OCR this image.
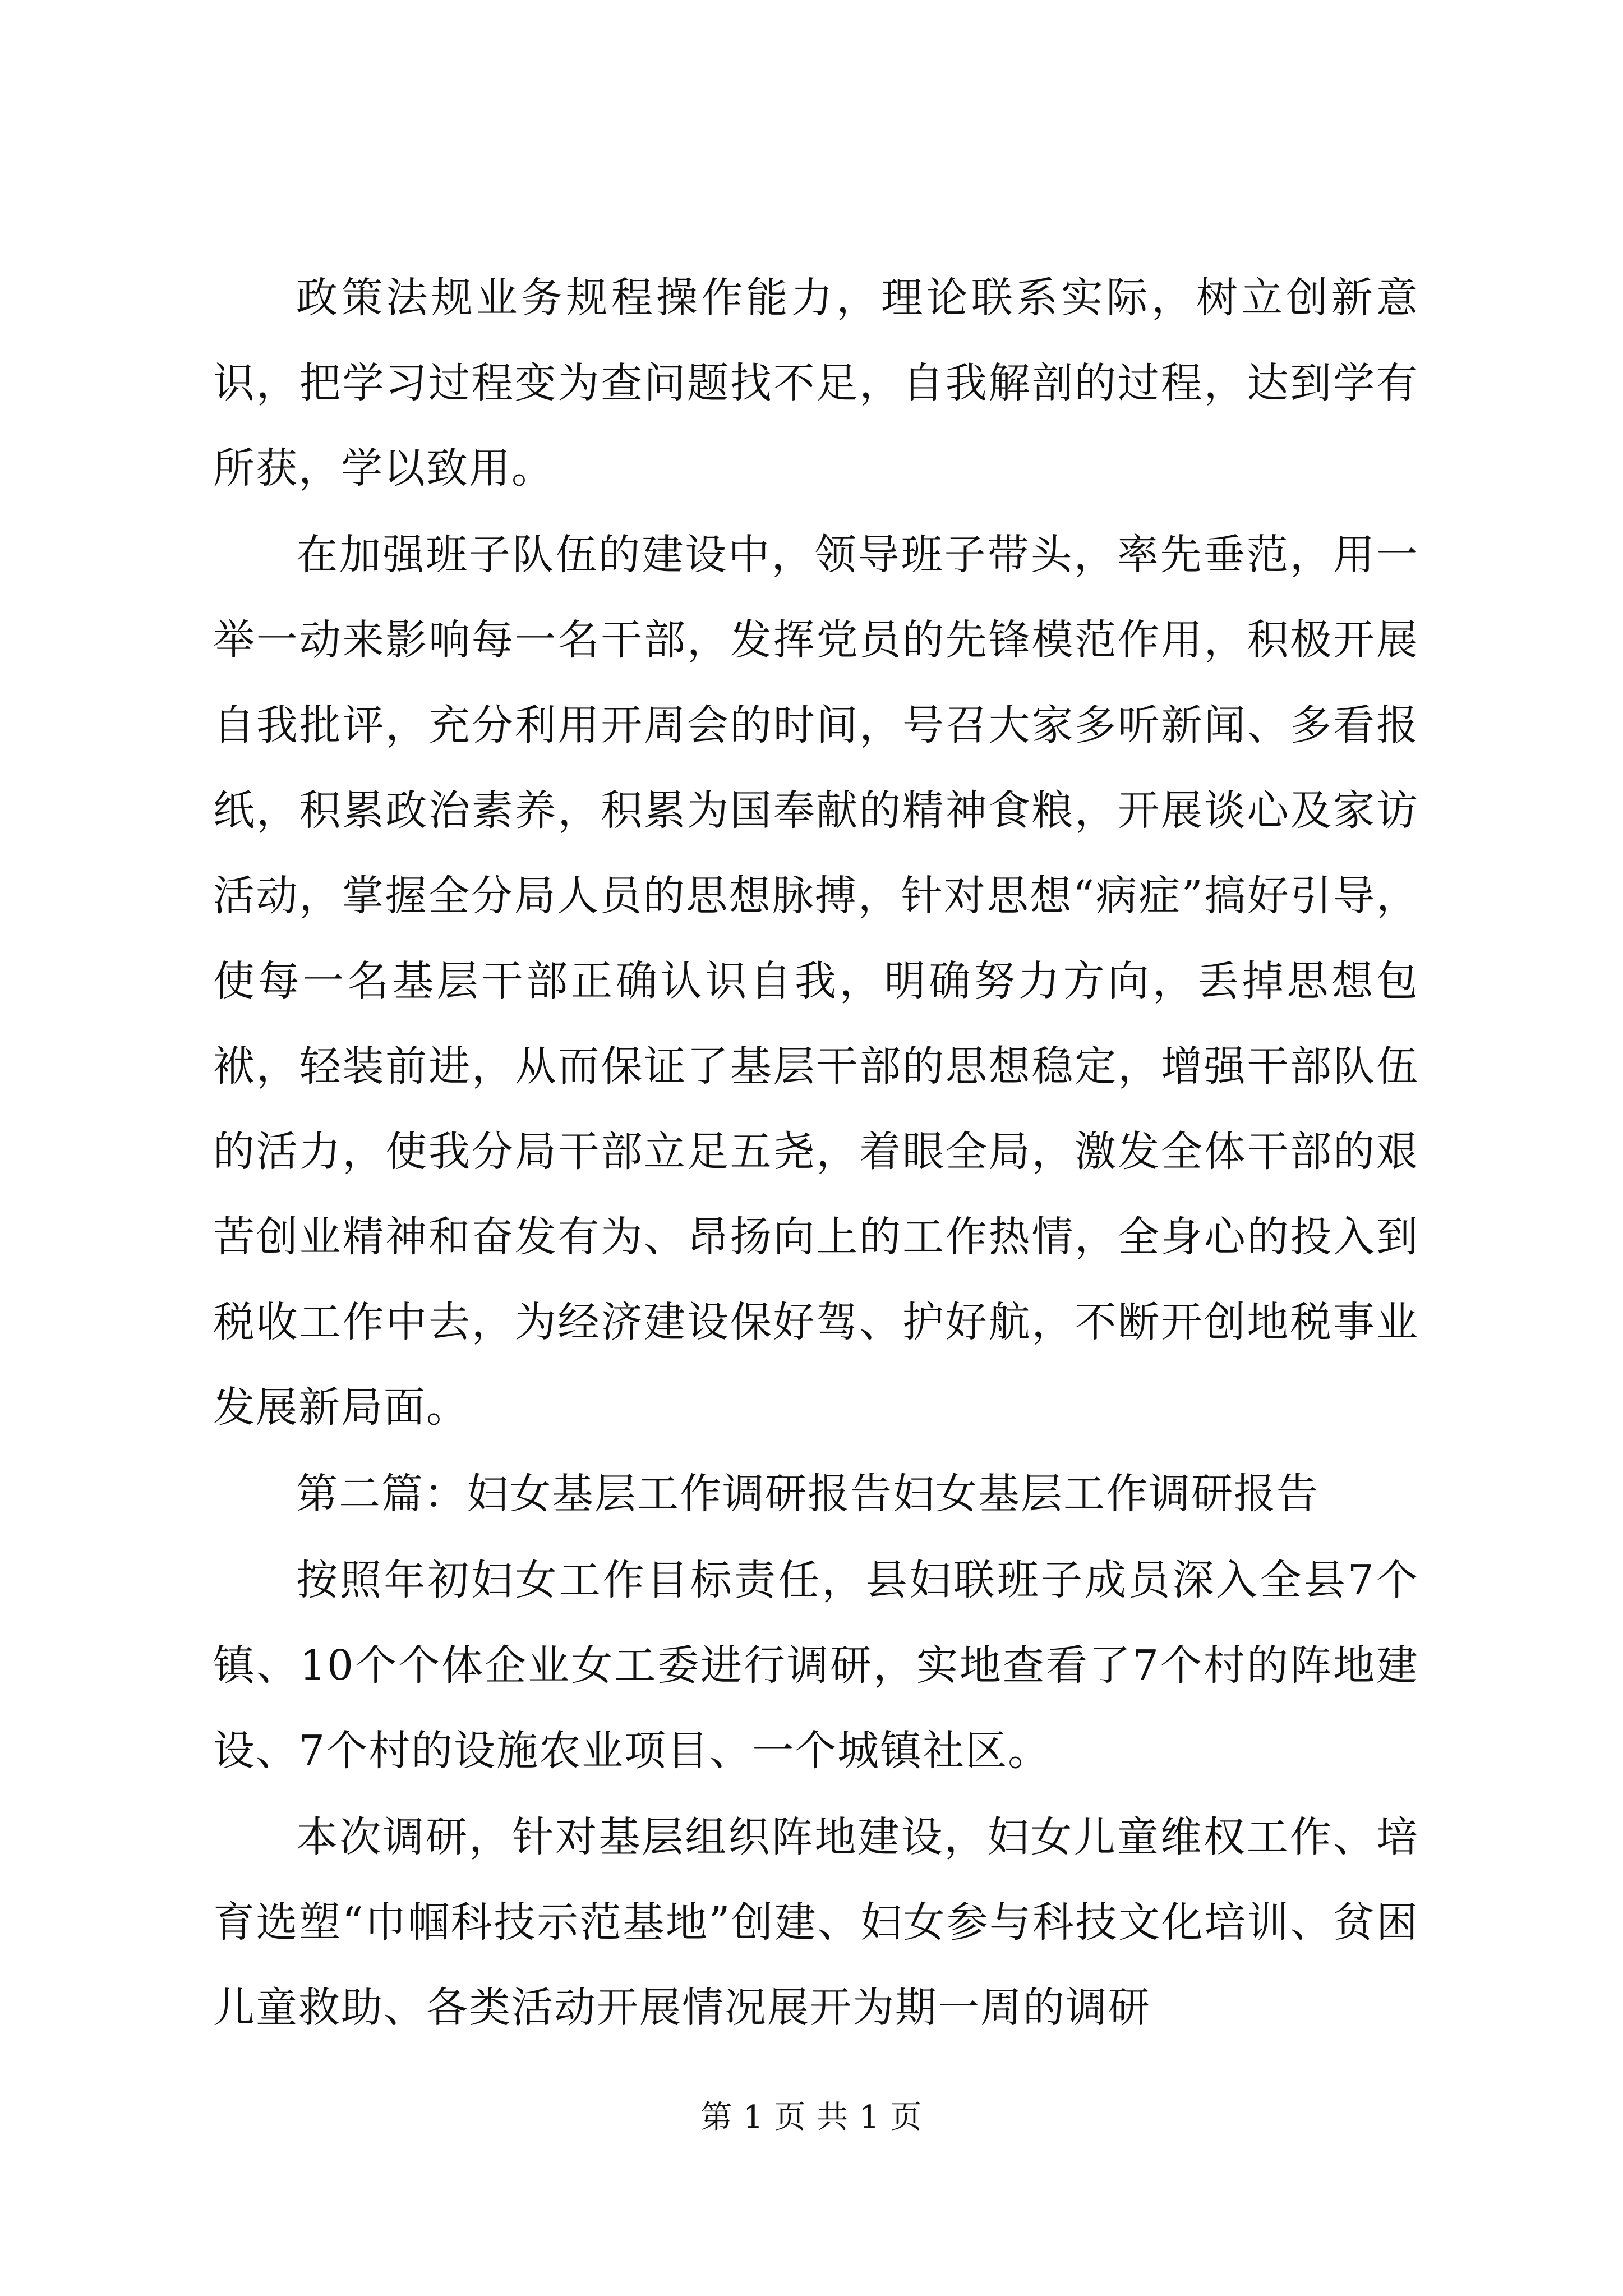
政策法规业务规程操作能力，理论联系实际，树立创新意识，把学习过程变为查问题找不足，自我解剖的过程，达到学有所获，学以致用。

在加强班子队伍的建设中，领导班子带头，率先垂范，用一举一动来影响每一名干部，发挥党员的先锋模范作用，积极开展自我批评，充分利用开周会的时间，号召大家多听新闻、多看报纸，积累政治素养，积累为国奉献的精神食粮，开展谈心及家访活动，掌握全分局人员的思想脉搏，针对思想“病症”搞好引导，使每一名基层干部正确认识自我，明确努力方向，丢掉思想包袱，轻装前进，从而保证了基层干部的思想稳定，增强干部队伍的活力，使我分局干部立足五尧，着眼全局，激发全体干部的艰苦创业精神和奋发有为、昂扬向上的工作热情，全身心的投入到税收工作中去，为经济建设保好驾、护好航，不断开创地税事业发展新局面。

第二篇：妇女基层工作调研报告妇女基层工作调研报告

按照年初妇女工作目标责任，县妇联班子成员深入全县7个镇、10个个体企业女工委进行调研，实地查看了7个村的阵地建设、7个村的设施农业项目、一个城镇社区。

本次调研，针对基层组织阵地建设，妇女儿童维权工作、培育选塑“巾帼科技示范基地”创建、妇女参与科技文化培训、贫困儿童救助、各类活动开展情况展开为期一周的调研

第 1 页 共 1 页
